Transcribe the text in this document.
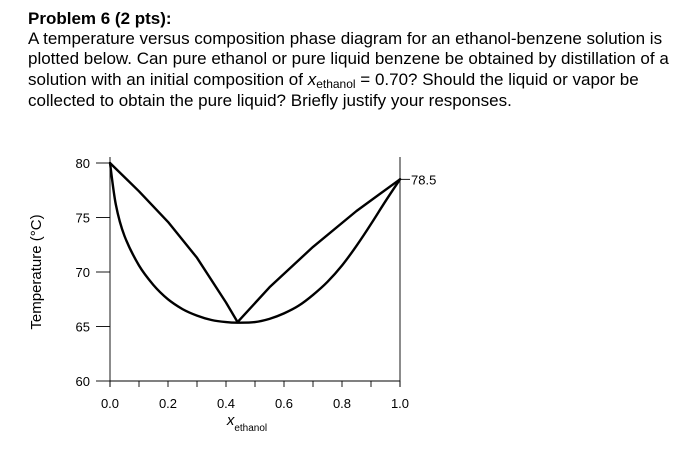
Problem 6 (2 pts):

A temperature versus composition phase diagram for an ethanol-benzene solution is plotted below. Can pure ethanol or pure liquid benzene be obtained by distillation of a solution with an initial composition of xethanol = 0.70? Should the liquid or vapor be collected to obtain the pure liquid? Briefly justify your responses.

0.0	0.2	0.4	0.6	0.8	1.0
60
65
70
75
80
78.5
Temperature (°C)
$x_{ethanol}$
